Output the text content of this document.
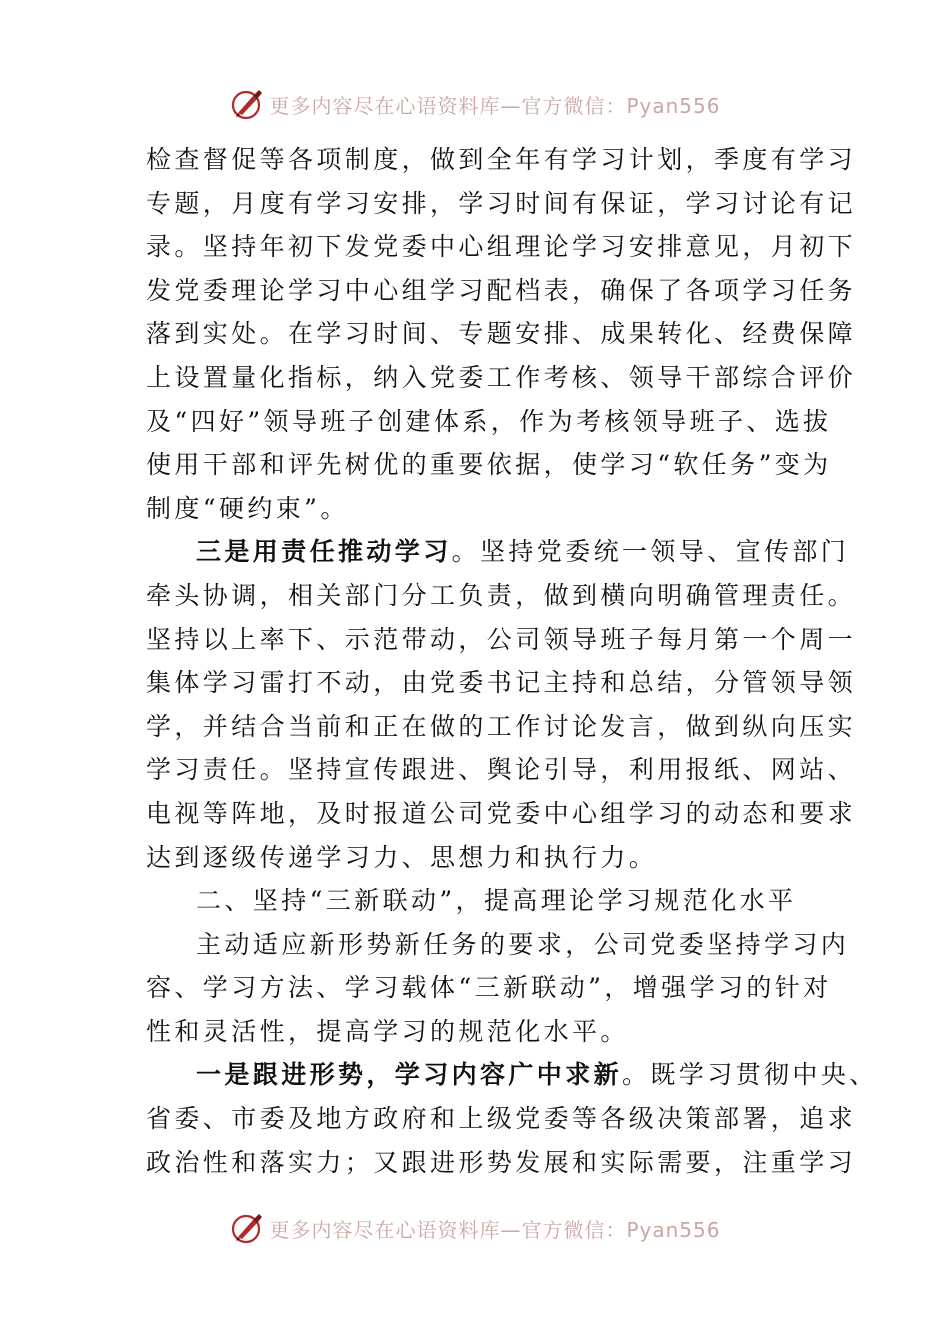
更多内容尽在心语资料库—官方微信：Pyan556
检查督促等各项制度，做到全年有学习计划，季度有学习
专题，月度有学习安排，学习时间有保证，学习讨论有记
录。坚持年初下发党委中心组理论学习安排意见，月初下
发党委理论学习中心组学习配档表，确保了各项学习任务
落到实处。在学习时间、专题安排、成果转化、经费保障
上设置量化指标，纳入党委工作考核、领导干部综合评价
及“四好”领导班子创建体系，作为考核领导班子、选拔
使用干部和评先树优的重要依据，使学习“软任务”变为
制度“硬约束”。
三是用责任推动学习。坚持党委统一领导、宣传部门
牵头协调，相关部门分工负责，做到横向明确管理责任。
坚持以上率下、示范带动，公司领导班子每月第一个周一
集体学习雷打不动，由党委书记主持和总结，分管领导领
学，并结合当前和正在做的工作讨论发言，做到纵向压实
学习责任。坚持宣传跟进、舆论引导，利用报纸、网站、
电视等阵地，及时报道公司党委中心组学习的动态和要求
达到逐级传递学习力、思想力和执行力。
二、坚持“三新联动”，提高理论学习规范化水平
主动适应新形势新任务的要求，公司党委坚持学习内
容、学习方法、学习载体“三新联动”，增强学习的针对
性和灵活性，提高学习的规范化水平。
一是跟进形势，学习内容广中求新。既学习贯彻中央、
省委、市委及地方政府和上级党委等各级决策部署，追求
政治性和落实力；又跟进形势发展和实际需要，注重学习
更多内容尽在心语资料库—官方微信：Pyan556
